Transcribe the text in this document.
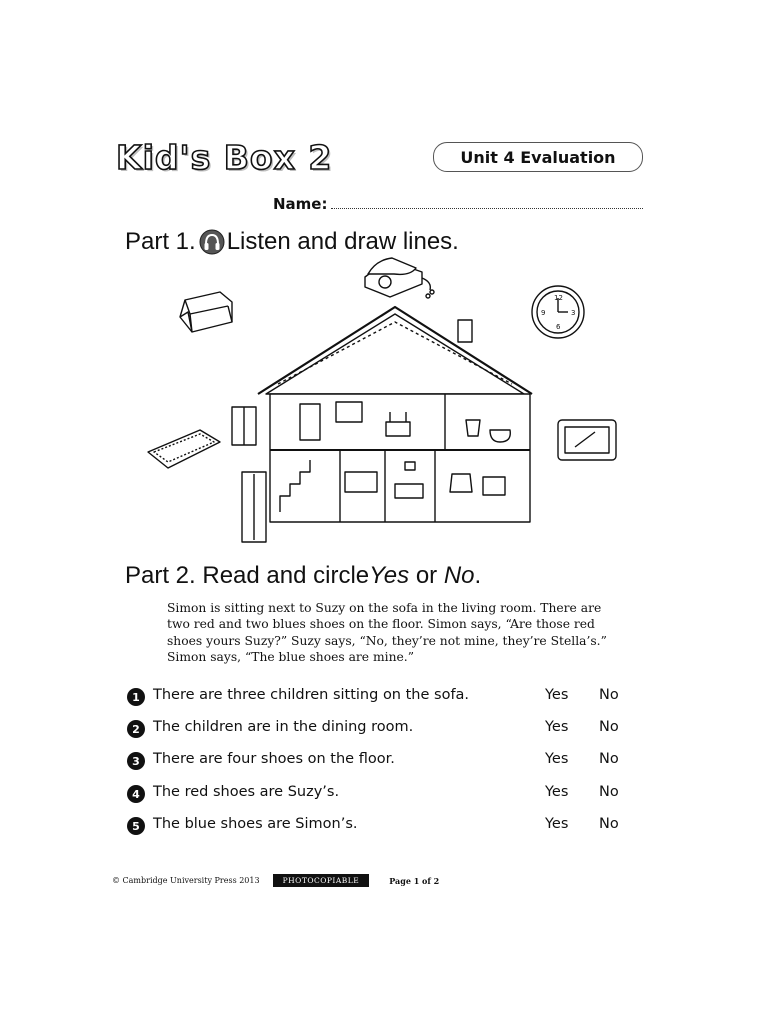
Kid's Box 2	Unit 4 Evaluation
Name:
Part 1. Listen and draw lines.
12
3
6
9
Part 2. Read and circle Yes or No .

Simon is sitting next to Suzy on the sofa in the living room. There are

two red and two blues shoes on the floor. Simon says, “Are those red

shoes yours Suzy?” Suzy says, “No, they’re not mine, they’re Stella’s.”

Simon says, “The blue shoes are mine.”

1 There are three children sitting on the sofa.	Yes No
2 The children are in the dining room.	Yes No
3 There are four shoes on the floor.	Yes No
4 The red shoes are Suzy’s.	Yes No
5 The blue shoes are Simon’s.	Yes No
© Cambridge University Press 2013	PHOTOCOPIABLE	Page 1 of 2
